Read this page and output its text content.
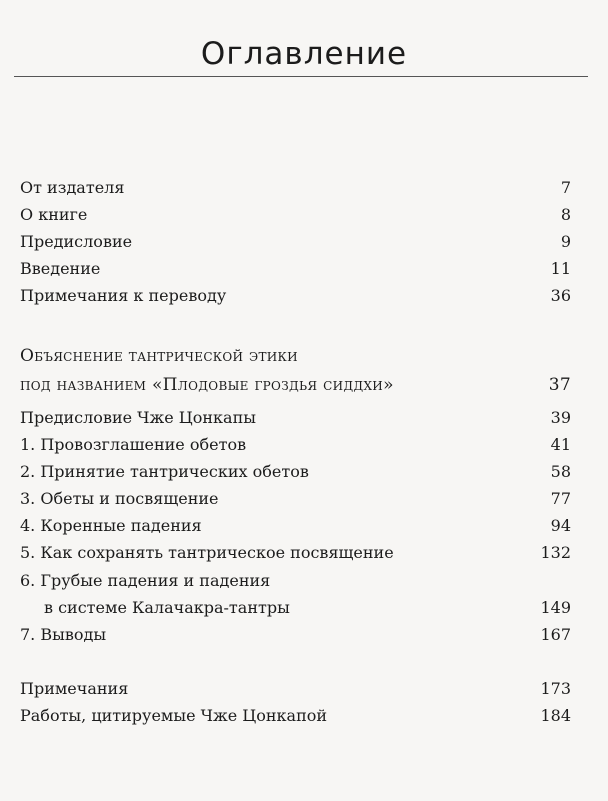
Оглавление
От издателя	7
О книге	8
Предисловие	9
Введение	11
Примечания к переводу	36
Объяснение тантрической этики
под названием «Плодовые гроздья сиддхи»	37
Предисловие Чже Цонкапы	39
1. Провозглашение обетов	41
2. Принятие тантрических обетов	58
3. Обеты и посвящение	77
4. Коренные падения	94
5. Как сохранять тантрическое посвящение	132
6. Грубые падения и падения
в системе Калачакра-тантры	149
7. Выводы	167
Примечания	173
Работы, цитируемые Чже Цонкапой	184
